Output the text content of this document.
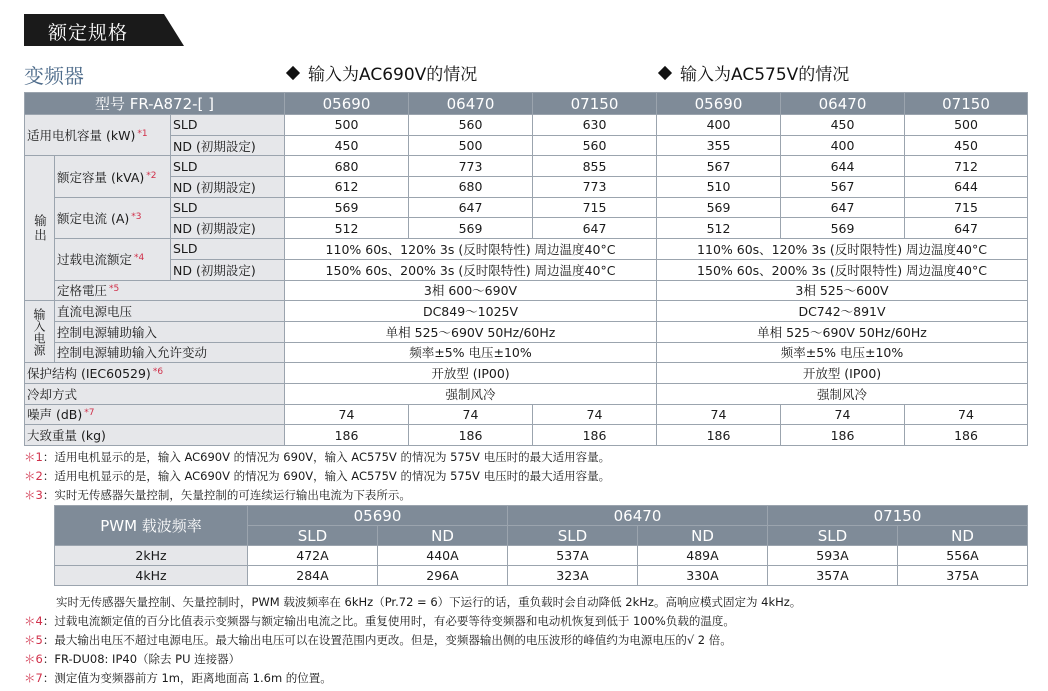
额定规格
变频器	输入为AC690V的情况	输入为AC575V的情况
型号 FR-A872-[ ]			05690	06470	07150	05690	06470	07150
适用电机容量 (kW) $^{*1}$		SLD	500	560	630	400	450	500
		ND (初期設定)	450	500	560	355	400	450
输出	额定容量 (kVA) $^{*2}$	SLD	680	773	855	567	644	712
		ND (初期設定)	612	680	773	510	567	644
	额定电流 (A) $^{*3}$	SLD	569	647	715	569	647	715
		ND (初期設定)	512	569	647	512	569	647
	过载电流额定 $^{*4}$	SLD	110% 60s、120% 3s (反时限特性) 周边温度40°C			110% 60s、120% 3s (反时限特性) 周边温度40°C		
		ND (初期設定)	150% 60s、200% 3s (反时限特性) 周边温度40°C			150% 60s、200% 3s (反时限特性) 周边温度40°C		
	定格電圧 $^{*5}$		3相 600～690V			3相 525～600V		
输入电源	直流电源电压		DC849～1025V			DC742～891V		
	控制电源辅助输入		单相 525～690V 50Hz/60Hz			单相 525～690V 50Hz/60Hz		
	控制电源辅助输入允许变动		频率±5% 电压±10%			频率±5% 电压±10%		
保护结构 (IEC60529) $^{*6}$			开放型 (IP00)			开放型 (IP00)		
冷却方式			强制风冷			强制风冷		
噪声 (dB) $^{*7}$			74	74	74	74	74	74
大致重量 (kg)			186	186	186	186	186	186
＊1：适用电机显示的是，输入 AC690V 的情况为 690V，输入 AC575V 的情况为 575V 电压时的最大适用容量。
＊2：适用电机显示的是，输入 AC690V 的情况为 690V，输入 AC575V 的情况为 575V 电压时的最大适用容量。
＊3：实时无传感器矢量控制，矢量控制的可连续运行输出电流为下表所示。
PWM 载波频率	05690		06470		07150	
	SLD	ND	SLD	ND	SLD	ND
2kHz	472A	440A	537A	489A	593A	556A
4kHz	284A	296A	323A	330A	357A	375A
实时无传感器矢量控制、矢量控制时，PWM 载波频率在 6kHz（Pr.72 = 6）下运行的话，重负载时会自动降低 2kHz。高响应模式固定为 4kHz。
＊4：过载电流额定值的百分比值表示变频器与额定输出电流之比。重复使用时，有必要等待变频器和电动机恢复到低于 100%负载的温度。
＊5：最大输出电压不超过电源电压。最大输出电压可以在设置范围内更改。但是，变频器输出侧的电压波形的峰值约为电源电压的√ 2 倍。
＊6：FR-DU08: IP40（除去 PU 连接器）
＊7：测定值为变频器前方 1m，距离地面高 1.6m 的位置。
